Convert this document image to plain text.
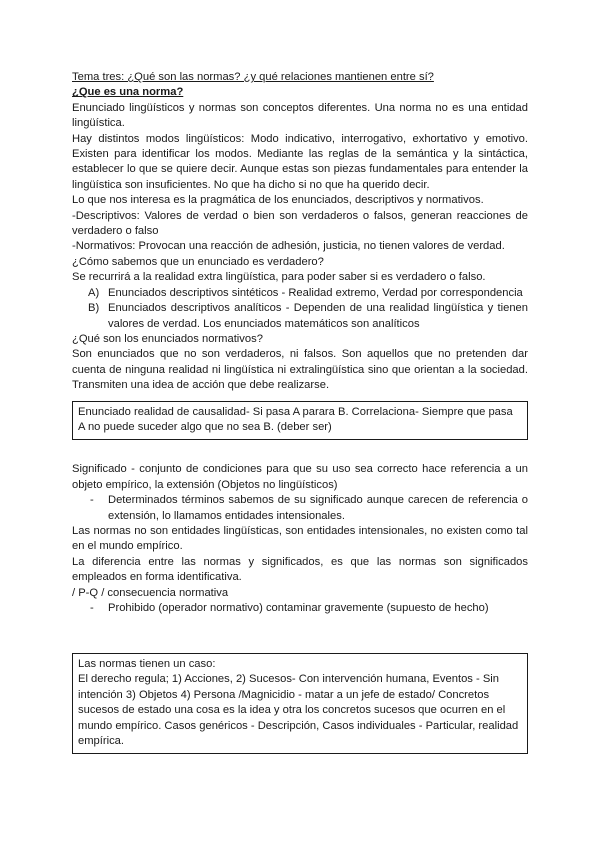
Tema tres: ¿Qué son las normas? ¿y qué relaciones mantienen entre sí?

¿Que es una norma?

Enunciado lingüísticos y normas son conceptos diferentes. Una norma no es una entidad lingüística.

Hay distintos modos lingüísticos: Modo indicativo, interrogativo, exhortativo y emotivo. Existen para identificar los modos. Mediante las reglas de la semántica y la sintáctica, establecer lo que se quiere decir. Aunque estas son piezas fundamentales para entender la lingüística son insuficientes. No que ha dicho si no que ha querido decir.

Lo que nos interesa es la pragmática de los enunciados, descriptivos y normativos.

-Descriptivos: Valores de verdad o bien son verdaderos o falsos, generan reacciones de verdadero o falso

-Normativos: Provocan una reacción de adhesión, justicia, no tienen valores de verdad.

¿Cómo sabemos que un enunciado es verdadero?

Se recurrirá a la realidad extra lingüística, para poder saber si es verdadero o falso.

A) Enunciados descriptivos sintéticos - Realidad extremo, Verdad por correspondencia
B) Enunciados descriptivos analíticos - Dependen de una realidad lingüística y tienen valores de verdad. Los enunciados matemáticos son analíticos

¿Qué son los enunciados normativos?

Son enunciados que no son verdaderos, ni falsos. Son aquellos que no pretenden dar cuenta de ninguna realidad ni lingüística ni extralingüística sino que orientan a la sociedad. Transmiten una idea de acción que debe realizarse.

Enunciado realidad de causalidad- Si pasa A parara B. Correlaciona- Siempre que pasa A no puede suceder algo que no sea B. (deber ser)

Significado - conjunto de condiciones para que su uso sea correcto hace referencia a un objeto empírico, la extensión (Objetos no lingüísticos)

- Determinados términos sabemos de su significado aunque carecen de referencia o extensión, lo llamamos entidades intensionales.

Las normas no son entidades lingüísticas, son entidades intensionales, no existen como tal en el mundo empírico.

La diferencia entre las normas y significados, es que las normas son significados empleados en forma identificativa.

/ P-Q / consecuencia normativa

- Prohibido (operador normativo) contaminar gravemente (supuesto de hecho)

Las normas tienen un caso:

El derecho regula; 1) Acciones, 2) Sucesos- Con intervención humana, Eventos - Sin intención 3) Objetos 4) Persona /Magnicidio - matar a un jefe de estado/ Concretos sucesos de estado una cosa es la idea y otra los concretos sucesos que ocurren en el mundo empírico. Casos genéricos - Descripción, Casos individuales - Particular, realidad empírica.
